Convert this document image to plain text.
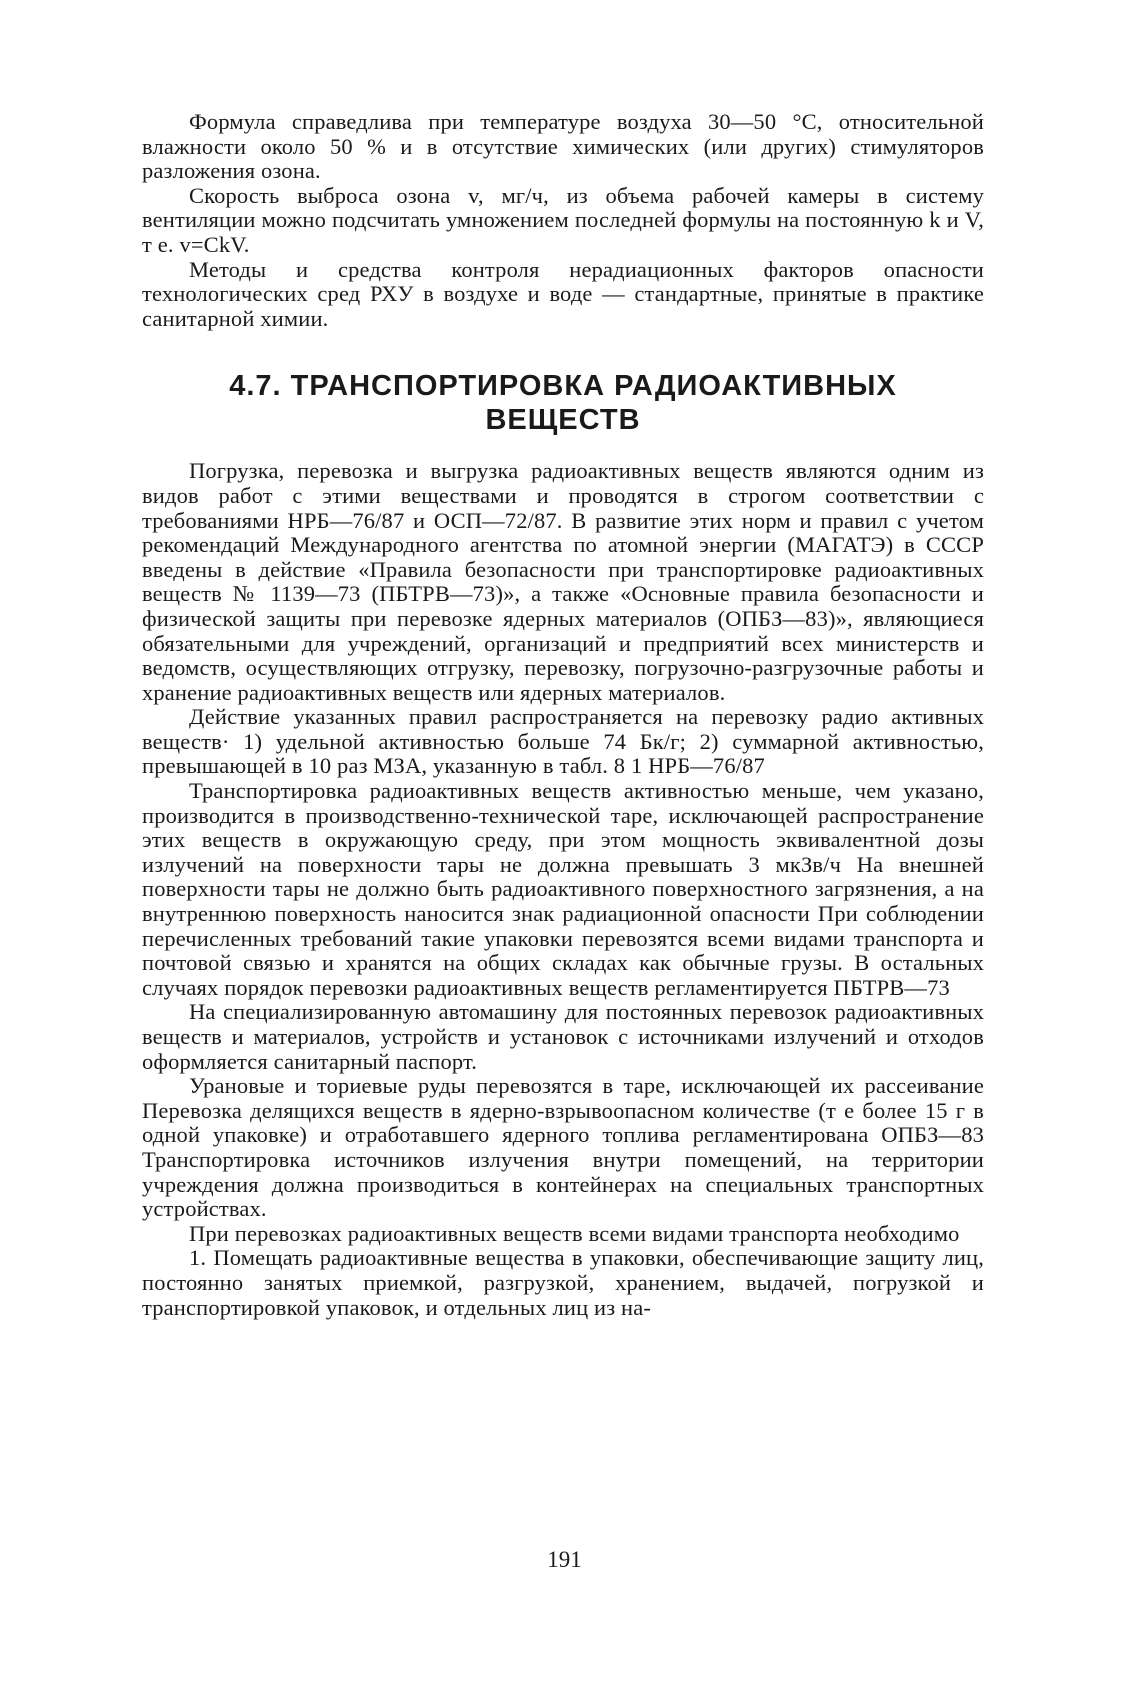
Формула справедлива при температуре воздуха 30—50 °С, относительной влажности около 50 % и в отсутствие химических (или других) стимуляторов разложения озона.

Скорость выброса озона v, мг/ч, из объема рабочей камеры в систему вентиляции можно подсчитать умножением последней формулы на постоянную k и V, т е. v=CkV.

Методы и средства контроля нерадиационных факторов опасности технологических сред РХУ в воздухе и воде — стандартные, принятые в практике санитарной химии.

4.7. ТРАНСПОРТИРОВКА РАДИОАКТИВНЫХ
ВЕЩЕСТВ

Погрузка, перевозка и выгрузка радиоактивных веществ являются одним из видов работ с этими веществами и проводятся в строгом соответствии с требованиями НРБ—76/87 и ОСП—72/87. В развитие этих норм и правил с учетом рекомендаций Международного агентства по атомной энергии (МАГАТЭ) в СССР введены в действие «Правила безопасности при транспортировке радиоактивных веществ № 1139—73 (ПБТРВ—73)», а также «Основные правила безопасности и физической защиты при перевозке ядерных материалов (ОПБЗ—83)», являющиеся обязательными для учреждений, организаций и предприятий всех министерств и ведомств, осуществляющих отгрузку, перевозку, погрузочно-разгрузочные работы и хранение радиоактивных веществ или ядерных материалов.

Действие указанных правил распространяется на перевозку радио активных веществ· 1) удельной активностью больше 74 Бк/г; 2) суммарной активностью, превышающей в 10 раз МЗА, указанную в табл. 8 1 НРБ—76/87

Транспортировка радиоактивных веществ активностью меньше, чем указано, производится в производственно-технической таре, исключающей распространение этих веществ в окружающую среду, при этом мощность эквивалентной дозы излучений на поверхности тары не должна превышать 3 мкЗв/ч На внешней поверхности тары не должно быть радиоактивного поверхностного загрязнения, а на внутреннюю поверхность наносится знак радиационной опасности При соблюдении перечисленных требований такие упаковки перевозятся всеми видами транспорта и почтовой связью и хранятся на общих складах как обычные грузы. В остальных случаях порядок перевозки радиоактивных веществ регламентируется ПБТРВ—73

На специализированную автомашину для постоянных перевозок радиоактивных веществ и материалов, устройств и установок с источниками излучений и отходов оформляется санитарный паспорт.

Урановые и ториевые руды перевозятся в таре, исключающей их рассеивание Перевозка делящихся веществ в ядерно-взрывоопасном количестве (т е более 15 г в одной упаковке) и отработавшего ядерного топлива регламентирована ОПБЗ—83 Транспортировка источников излучения внутри помещений, на территории учреждения должна производиться в контейнерах на специальных транспортных устройствах.

При перевозках радиоактивных веществ всеми видами транспорта необходимо

1. Помещать радиоактивные вещества в упаковки, обеспечивающие защиту лиц, постоянно занятых приемкой, разгрузкой, хранением, выдачей, погрузкой и транспортировкой упаковок, и отдельных лиц из на-

191
